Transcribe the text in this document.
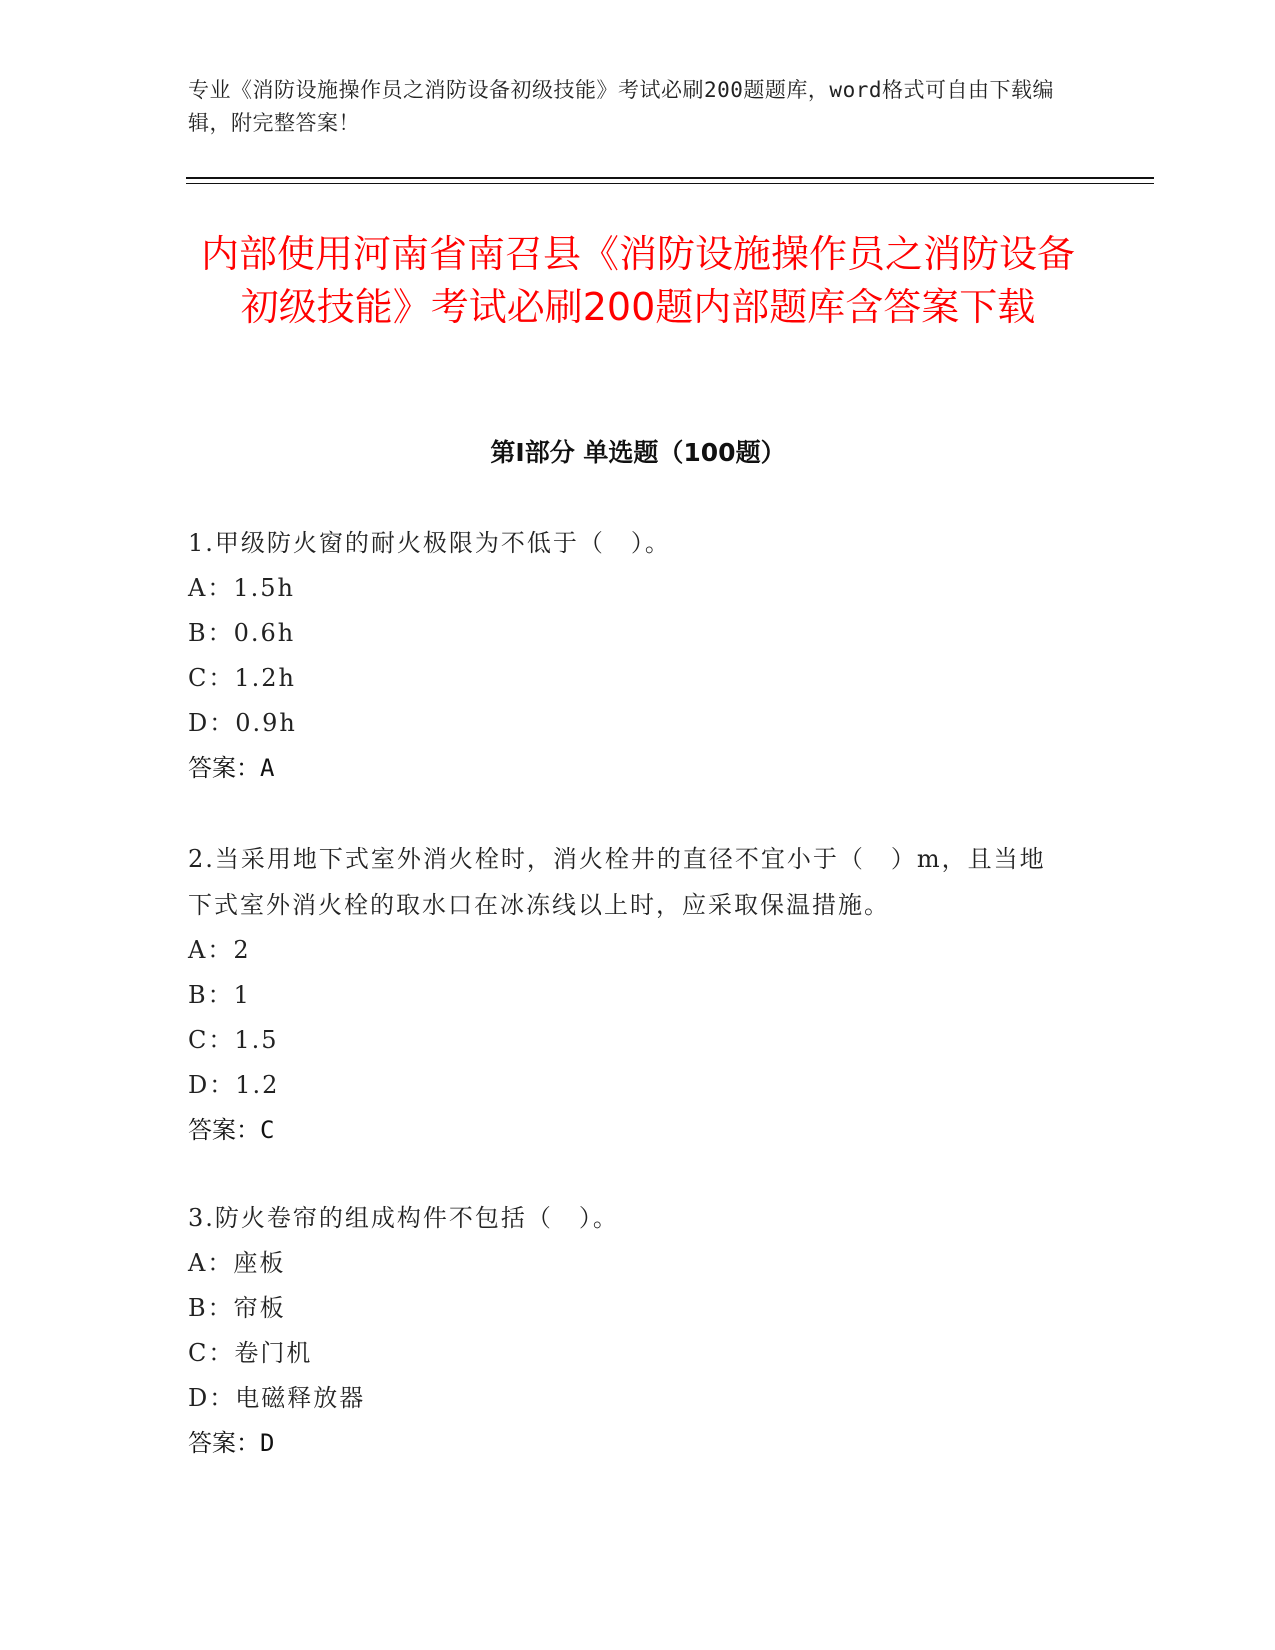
专业《消防设施操作员之消防设备初级技能》考试必刷200题题库，word格式可自由下载编辑，附完整答案！
内部使用河南省南召县《消防设施操作员之消防设备初级技能》考试必刷200题内部题库含答案下载
第Ⅰ部分 单选题（100题）

1.甲级防火窗的耐火极限为不低于（　）。

A：1.5h

B：0.6h

C：1.2h

D：0.9h

答案：A

2.当采用地下式室外消火栓时，消火栓井的直径不宜小于（　）m，且当地下式室外消火栓的取水口在冰冻线以上时，应采取保温措施。

A：2

B：1

C：1.5

D：1.2

答案：C

3.防火卷帘的组成构件不包括（　）。

A：座板

B：帘板

C：卷门机

D：电磁释放器

答案：D
